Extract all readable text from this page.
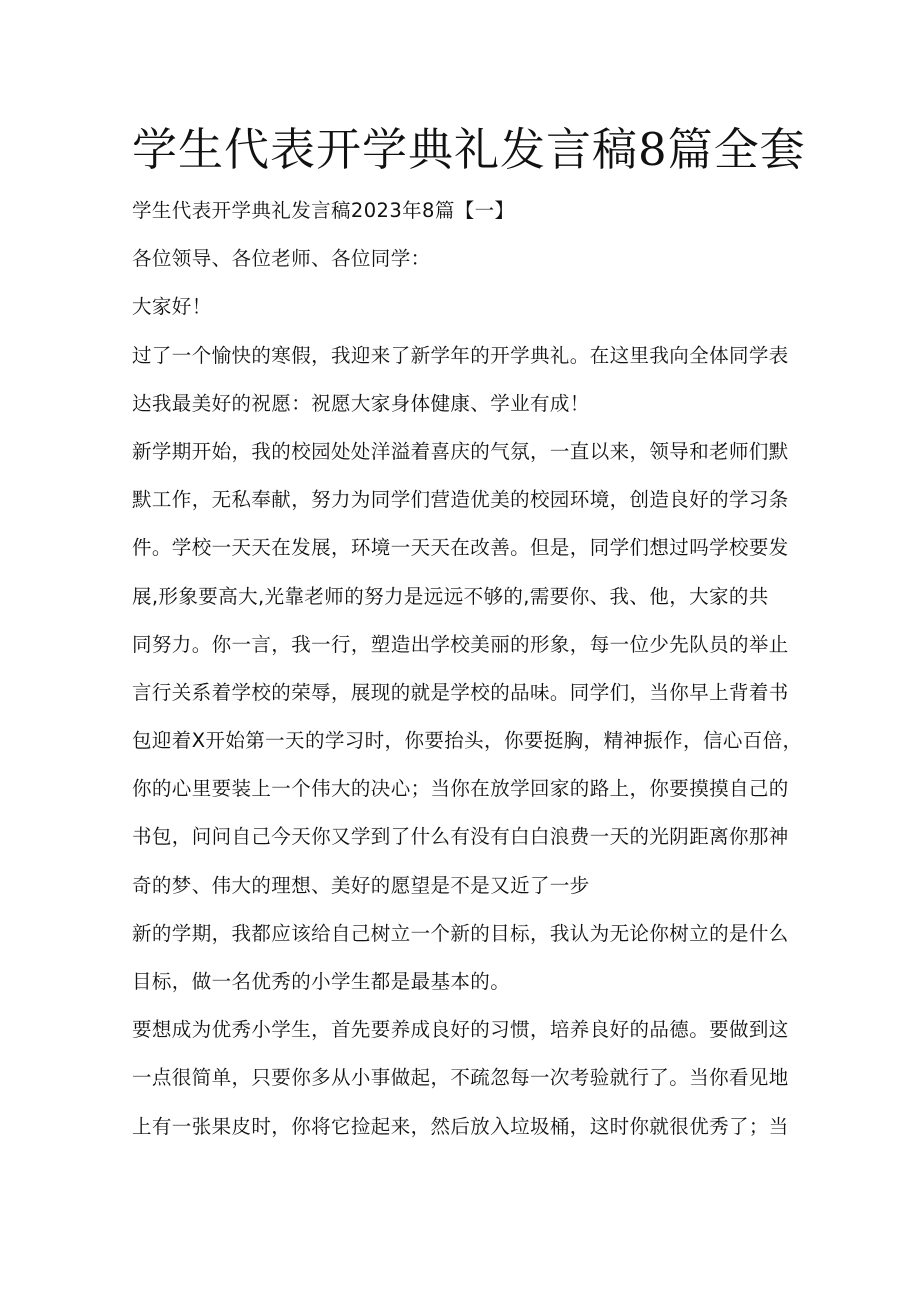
学生代表开学典礼发言稿8篇全套
学生代表开学典礼发言稿2023年8篇【一】
各位领导、各位老师、各位同学：
大家好！
过了一个愉快的寒假，我迎来了新学年的开学典礼。在这里我向全体同学表
达我最美好的祝愿：祝愿大家身体健康、学业有成！
新学期开始，我的校园处处洋溢着喜庆的气氛，一直以来，领导和老师们默
默工作，无私奉献，努力为同学们营造优美的校园环境，创造良好的学习条
件。学校一天天在发展，环境一天天在改善。但是，同学们想过吗学校要发
展,形象要高大,光靠老师的努力是远远不够的,需要你、我、他，大家的共
同努力。你一言，我一行，塑造出学校美丽的形象，每一位少先队员的举止
言行关系着学校的荣辱，展现的就是学校的品味。同学们，当你早上背着书
包迎着X开始第一天的学习时，你要抬头，你要挺胸，精神振作，信心百倍，
你的心里要装上一个伟大的决心；当你在放学回家的路上，你要摸摸自己的
书包，问问自己今天你又学到了什么有没有白白浪费一天的光阴距离你那神
奇的梦、伟大的理想、美好的愿望是不是又近了一步
新的学期，我都应该给自己树立一个新的目标，我认为无论你树立的是什么
目标，做一名优秀的小学生都是最基本的。
要想成为优秀小学生，首先要养成良好的习惯，培养良好的品德。要做到这
一点很简单，只要你多从小事做起，不疏忽每一次考验就行了。当你看见地
上有一张果皮时，你将它捡起来，然后放入垃圾桶，这时你就很优秀了；当
